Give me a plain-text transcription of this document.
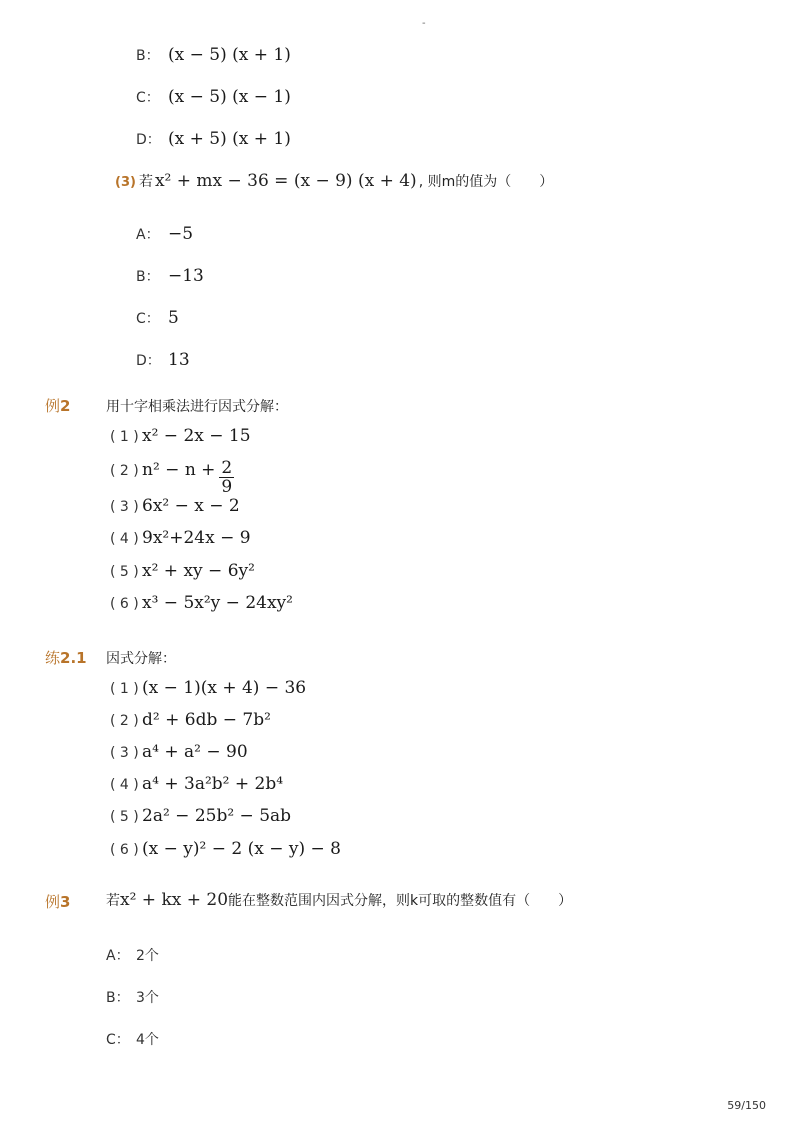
-
B： (x − 5) (x + 1)
C： (x − 5) (x − 1)
D： (x + 5) (x + 1)
(3) 若 x² + mx − 36 = (x − 9) (x + 4) , 则m的值为（　　）
A： −5
B： −13
C： 5
D： 13
例2	用十字相乘法进行因式分解：
( 1 ) x² − 2x − 15
( 2 ) $n^2 - n + \frac{2}{9}$
( 3 ) 6x² − x − 2
( 4 ) 9x²+24x − 9
( 5 ) x² + xy − 6y²
( 6 ) x³ − 5x²y − 24xy²
练2.1 因式分解：
( 1 ) (x − 1)(x + 4) − 36
( 2 ) d² + 6db − 7b²
( 3 ) a⁴ + a² − 90
( 4 ) a⁴ + 3a²b² + 2b⁴
( 5 ) 2a² − 25b² − 5ab
( 6 ) (x − y)² − 2 (x − y) − 8
例3	若 x² + kx + 20 能在整数范围内因式分解，则k可取的整数值有（　　）
A： 2个
B： 3个
C： 4个
59/150
